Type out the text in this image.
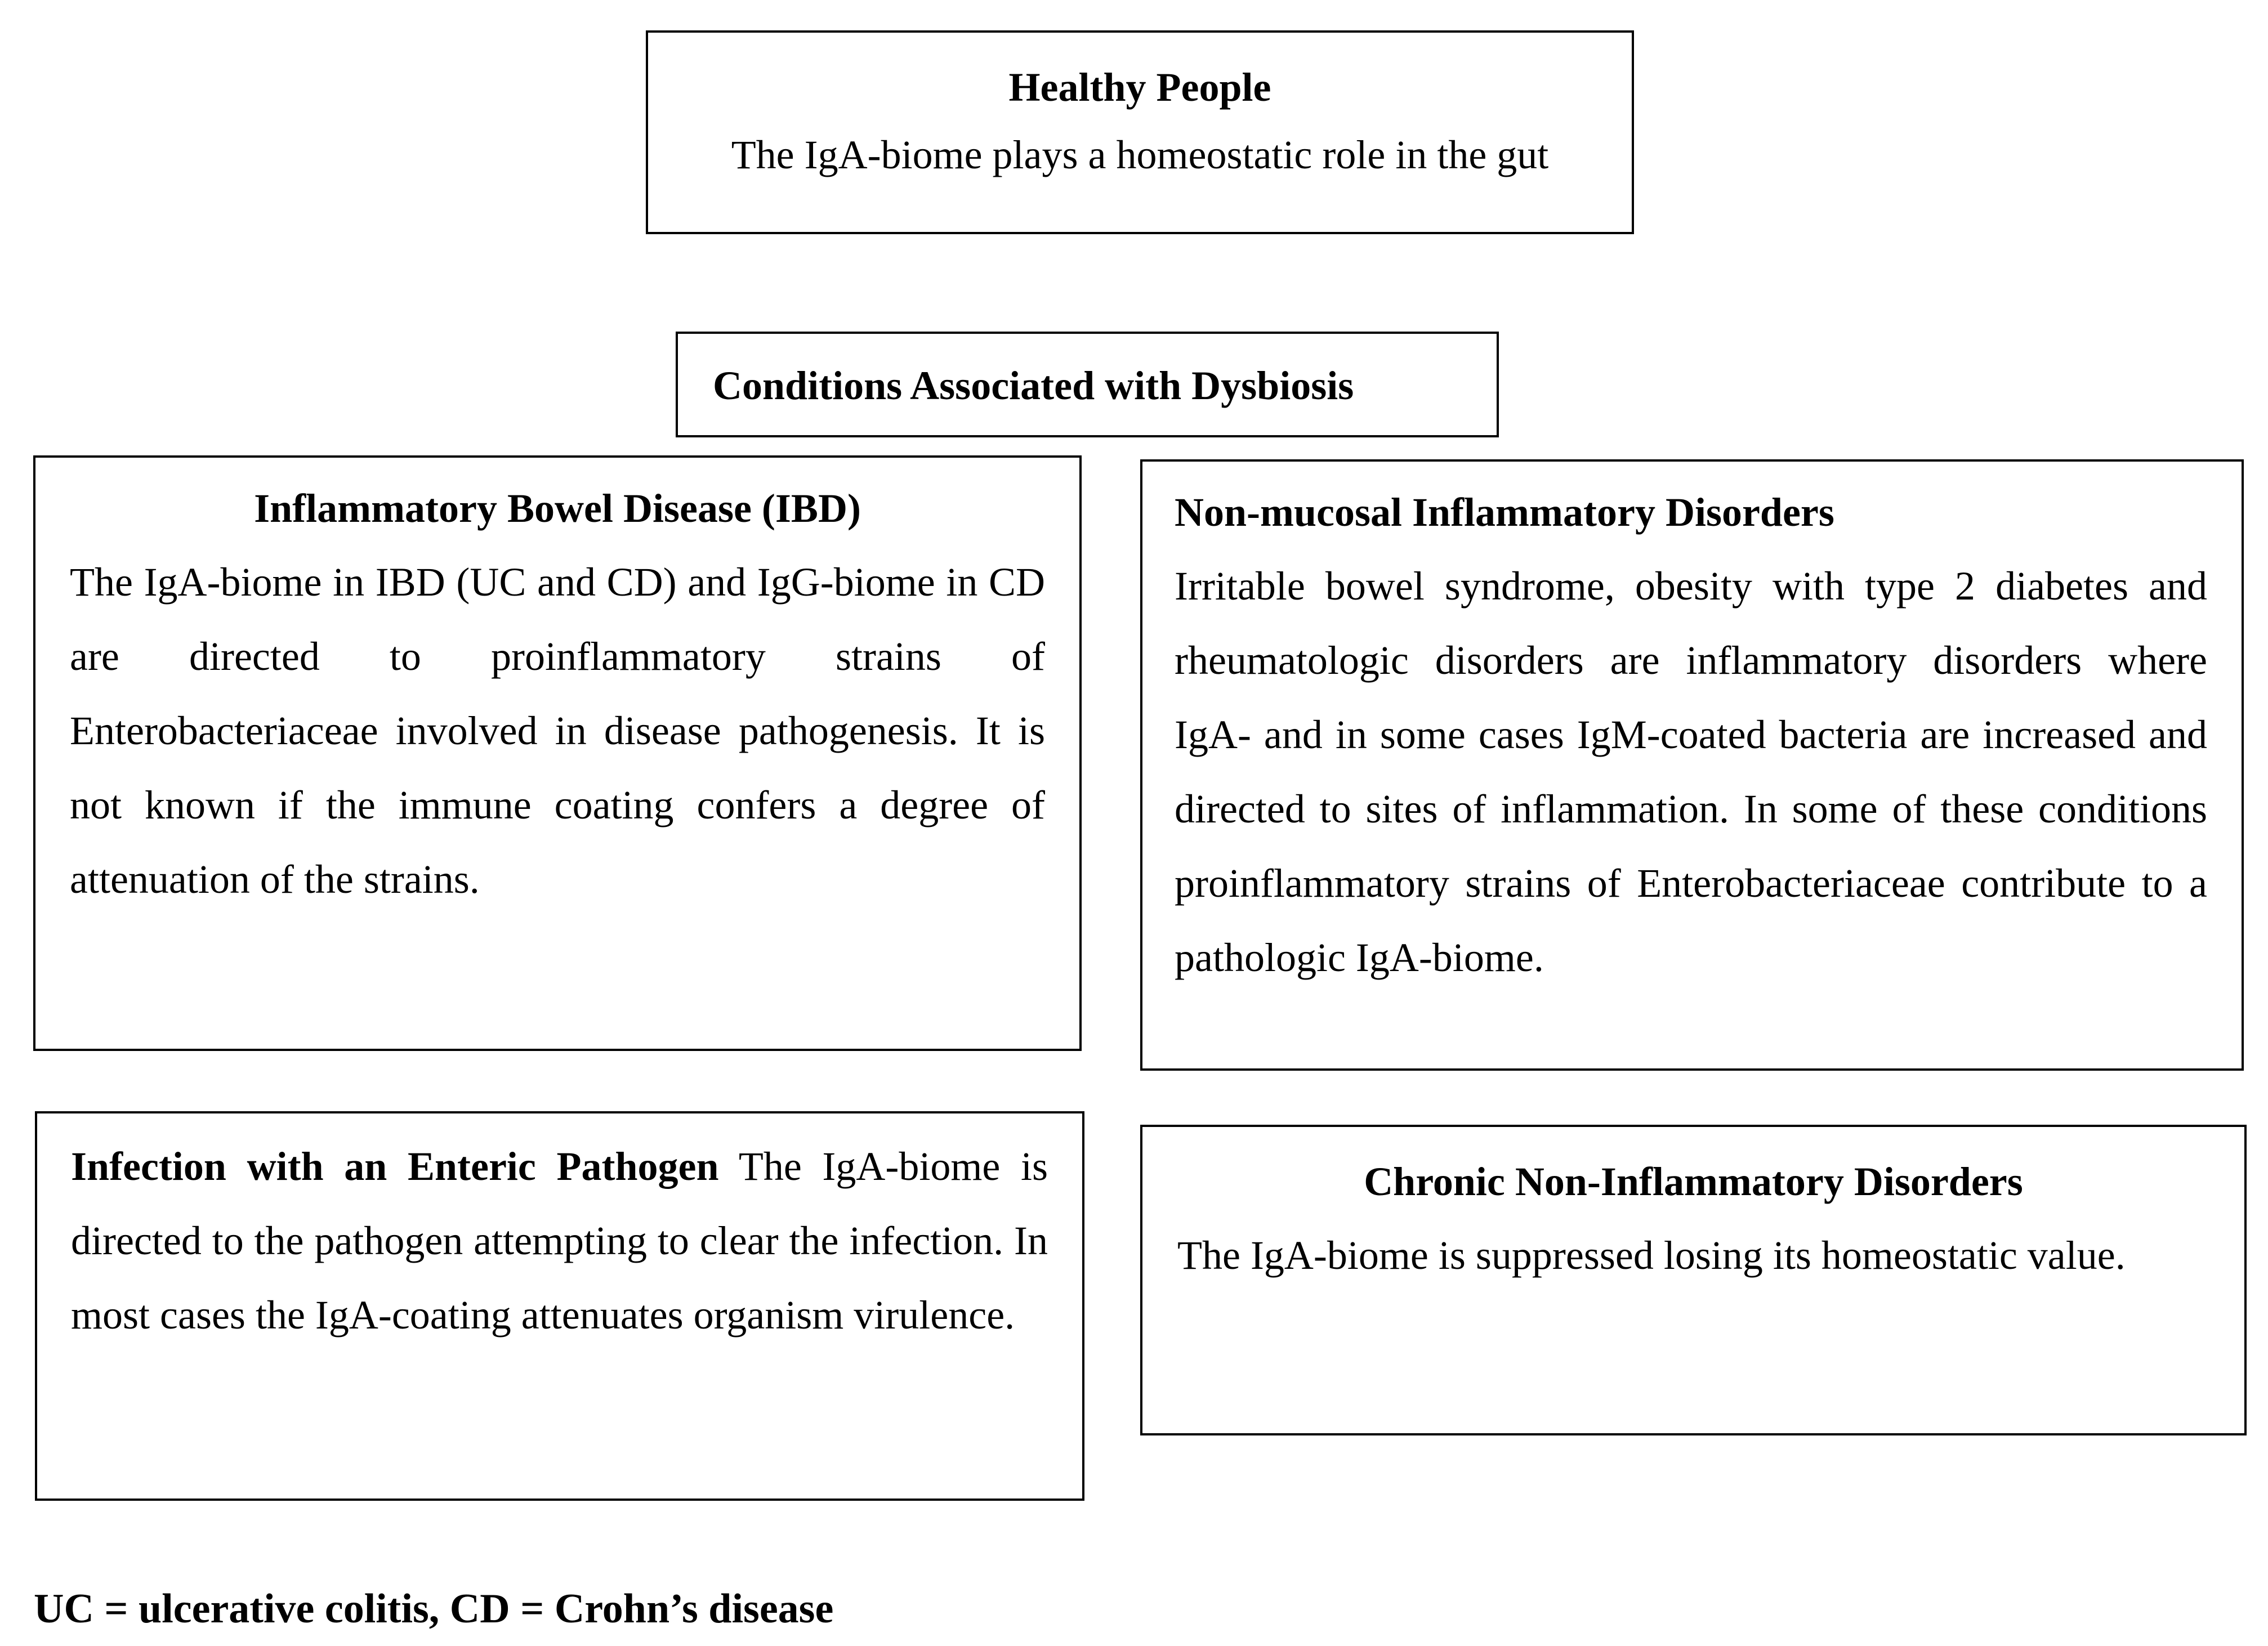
Healthy People
The IgA-biome plays a homeostatic role in the gut
Conditions Associated with Dysbiosis
Inflammatory Bowel Disease (IBD)
The IgA-biome in IBD (UC and CD) and IgG-biome in CD are directed to proinflammatory strains of Enterobacteriaceae involved in disease pathogenesis. It is not known if the immune coating confers a degree of attenuation of the strains.
Non-mucosal Inflammatory Disorders
Irritable bowel syndrome, obesity with type 2 diabetes and rheumatologic disorders are inflammatory disorders where IgA- and in some cases IgM-coated bacteria are increased and directed to sites of inflammation. In some of these conditions proinflammatory strains of Enterobacteriaceae contribute to a pathologic IgA-biome.
Infection with an Enteric Pathogen The IgA-biome is directed to the pathogen attempting to clear the infection. In most cases the IgA-coating attenuates organism virulence.
Chronic Non-Inflammatory Disorders
The IgA-biome is suppressed losing its homeostatic value.
UC = ulcerative colitis, CD = Crohn’s disease
